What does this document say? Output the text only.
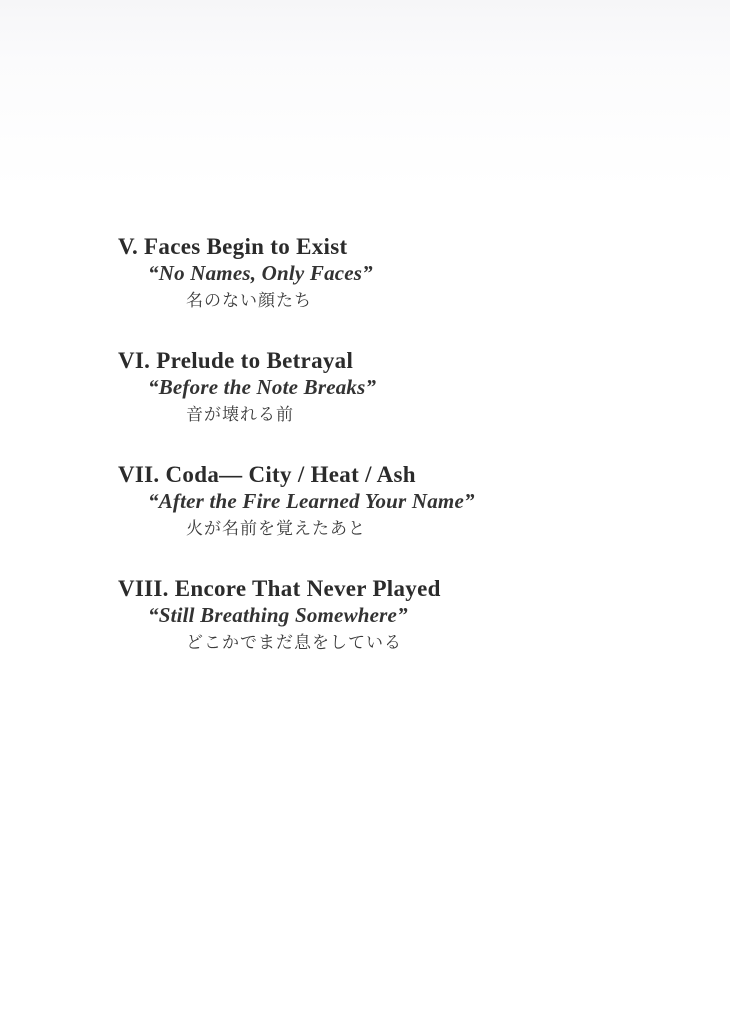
V. Faces Begin to Exist
“No Names, Only Faces”
名のない顔たち
VI. Prelude to Betrayal
“Before the Note Breaks”
音が壊れる前
VII. Coda— City / Heat / Ash
“After the Fire Learned Your Name”
火が名前を覚えたあと
VIII. Encore That Never Played
“Still Breathing Somewhere”
どこかでまだ息をしている
